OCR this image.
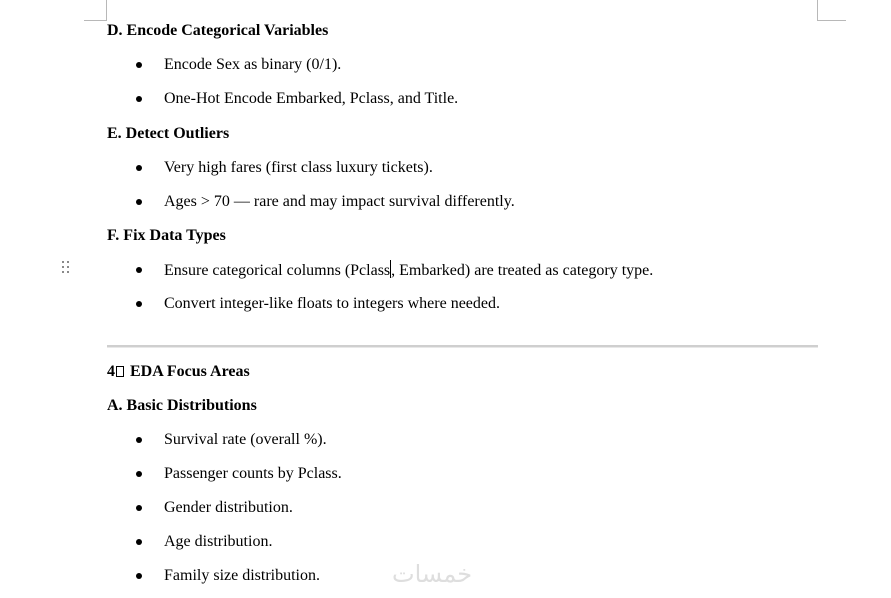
D. Encode Categorical Variables
Encode Sex as binary (0/1).
One-Hot Encode Embarked, Pclass, and Title.
E. Detect Outliers
Very high fares (first class luxury tickets).
Ages > 70 — rare and may impact survival differently.
F. Fix Data Types
Ensure categorical columns (Pclass, Embarked) are treated as category type.
Convert integer-like floats to integers where needed.
4 EDA Focus Areas
A. Basic Distributions
Survival rate (overall %).
Passenger counts by Pclass.
Gender distribution.
Age distribution.
Family size distribution.	خمسات
